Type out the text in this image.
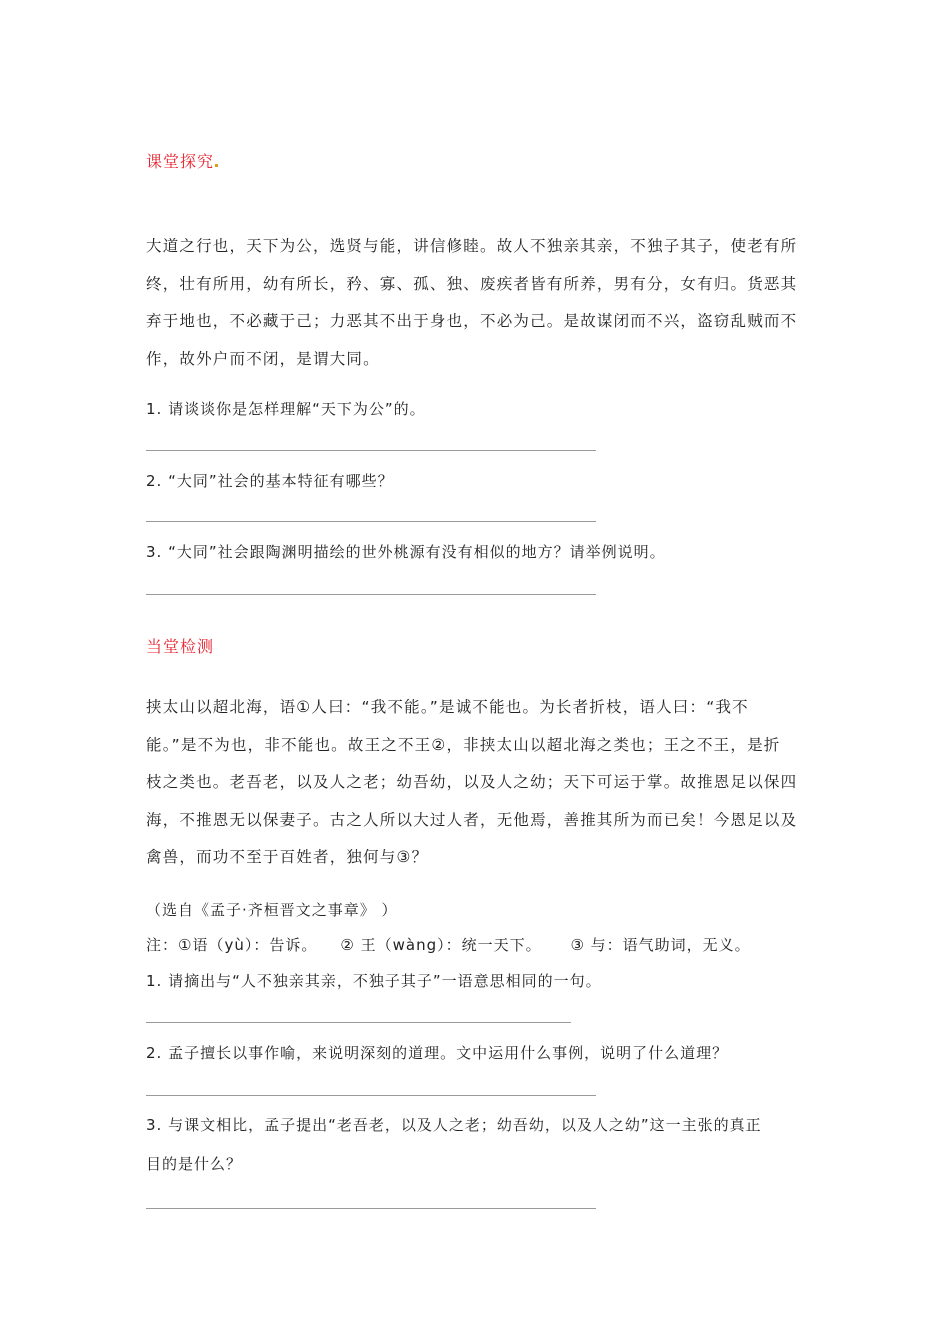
课堂探究
大道之行也，天下为公，选贤与能，讲信修睦。故人不独亲其亲，不独子其子，使老有所
终，壮有所用，幼有所长，矜、寡、孤、独、废疾者皆有所养，男有分，女有归。货恶其
弃于地也，不必藏于己；力恶其不出于身也，不必为己。是故谋闭而不兴，盗窃乱贼而不
作，故外户而不闭，是谓大同。
1. 请谈谈你是怎样理解“天下为公”的。
2. “大同”社会的基本特征有哪些？
3. “大同”社会跟陶渊明描绘的世外桃源有没有相似的地方？请举例说明。
当堂检测
挟太山以超北海，语①人曰：“我不能。”是诚不能也。为长者折枝，语人曰：“我不
能。”是不为也，非不能也。故王之不王②，非挟太山以超北海之类也；王之不王，是折
枝之类也。老吾老，以及人之老；幼吾幼，以及人之幼；天下可运于掌。故推恩足以保四
海，不推恩无以保妻子。古之人所以大过人者，无他焉，善推其所为而已矣！今恩足以及
禽兽，而功不至于百姓者，独何与③？
（选自《孟子·齐桓晋文之事章》 ）
注：①语（yù）：告诉。    ② 王（wàng）：统一天下。     ③ 与：语气助词，无义。
1. 请摘出与“人不独亲其亲，不独子其子”一语意思相同的一句。
2. 孟子擅长以事作喻，来说明深刻的道理。文中运用什么事例，说明了什么道理？
3. 与课文相比，孟子提出“老吾老，以及人之老；幼吾幼，以及人之幼”这一主张的真正
目的是什么？
